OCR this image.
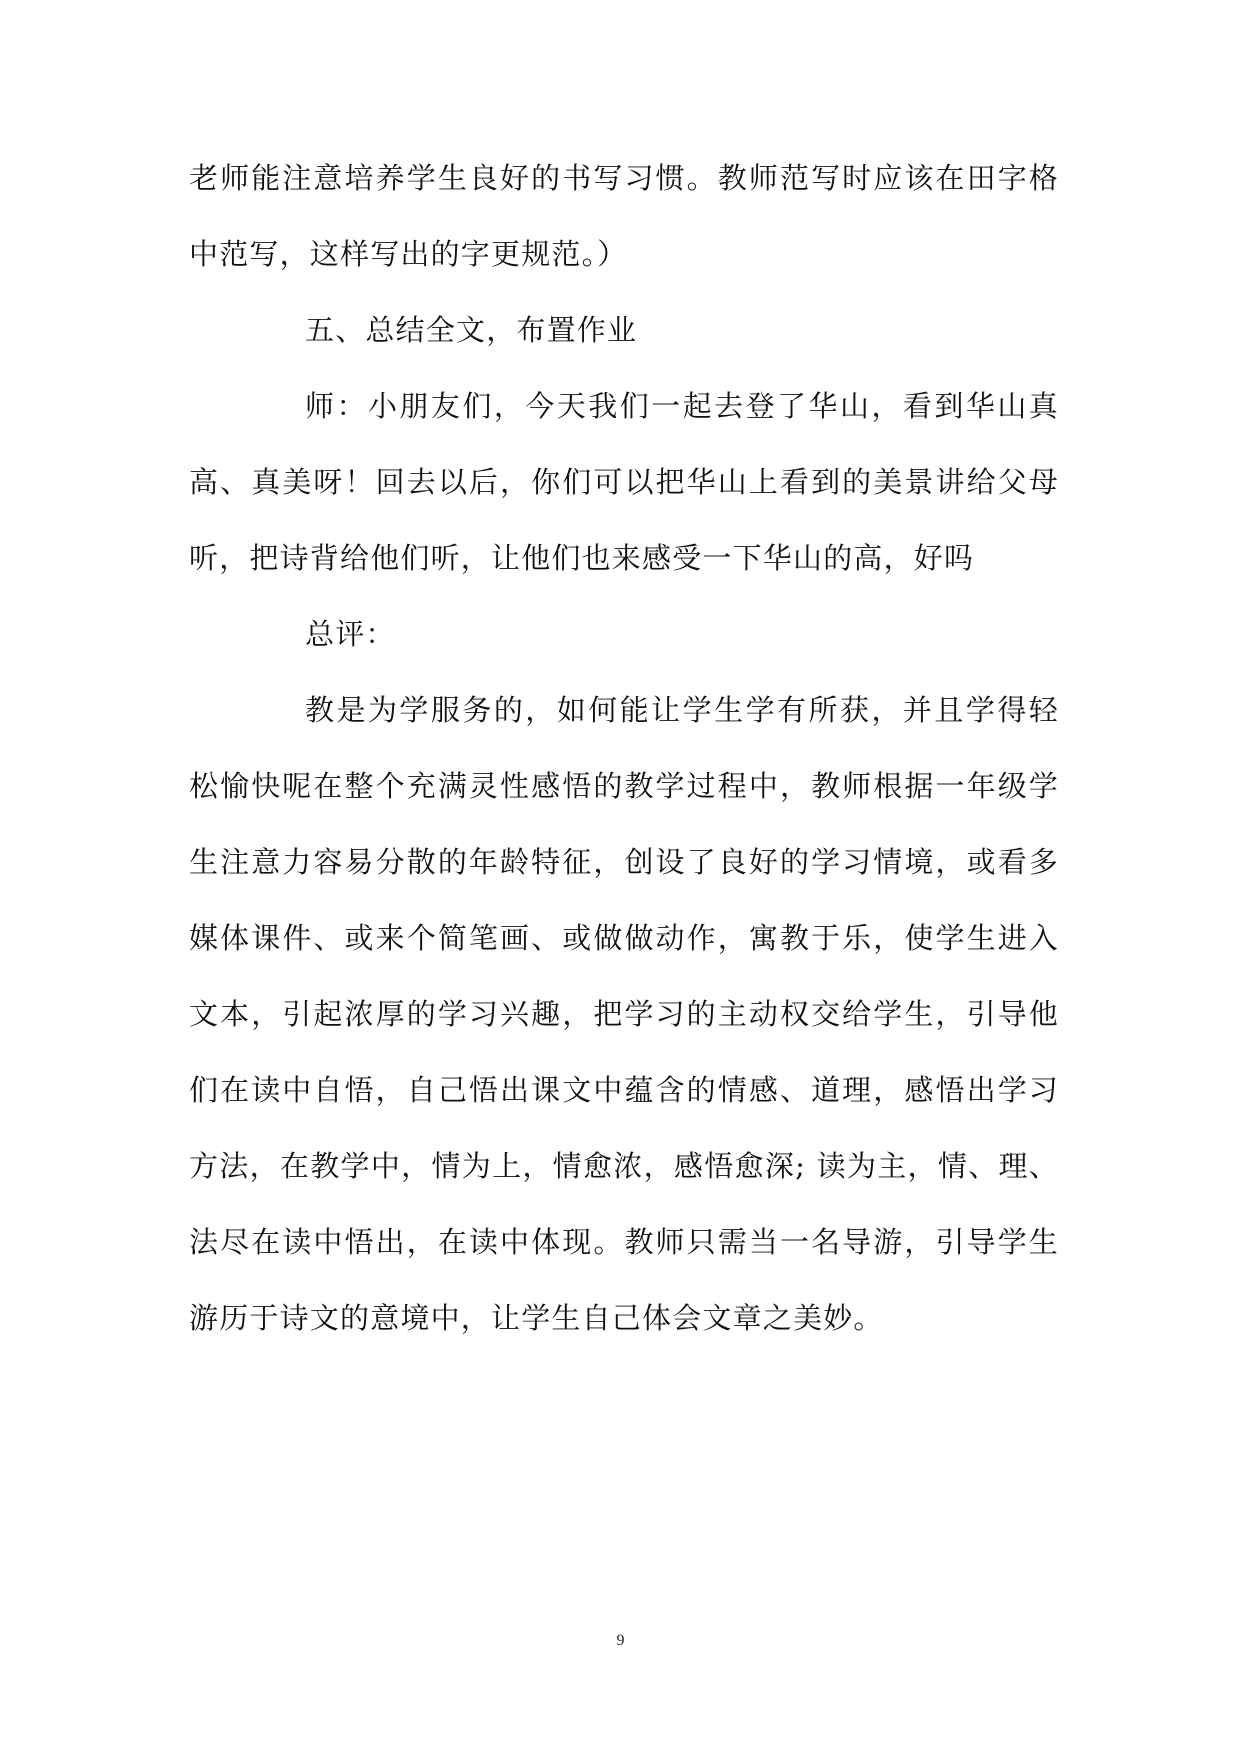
老师能注意培养学生良好的书写习惯。教师范写时应该在田字格中范写，这样写出的字更规范。）

五、总结全文，布置作业

师：小朋友们，今天我们一起去登了华山，看到华山真高、真美呀！回去以后，你们可以把华山上看到的美景讲给父母听，把诗背给他们听，让他们也来感受一下华山的高，好吗

总评：

教是为学服务的，如何能让学生学有所获，并且学得轻松愉快呢在整个充满灵性感悟的教学过程中，教师根据一年级学生注意力容易分散的年龄特征，创设了良好的学习情境，或看多媒体课件、或来个简笔画、或做做动作，寓教于乐，使学生进入文本，引起浓厚的学习兴趣，把学习的主动权交给学生，引导他们在读中自悟，自己悟出课文中蕴含的情感、道理，感悟出学习方法，在教学中，情为上，情愈浓，感悟愈深; 读为主，情、理、法尽在读中悟出，在读中体现。教师只需当一名导游，引导学生游历于诗文的意境中，让学生自己体会文章之美妙。

9
